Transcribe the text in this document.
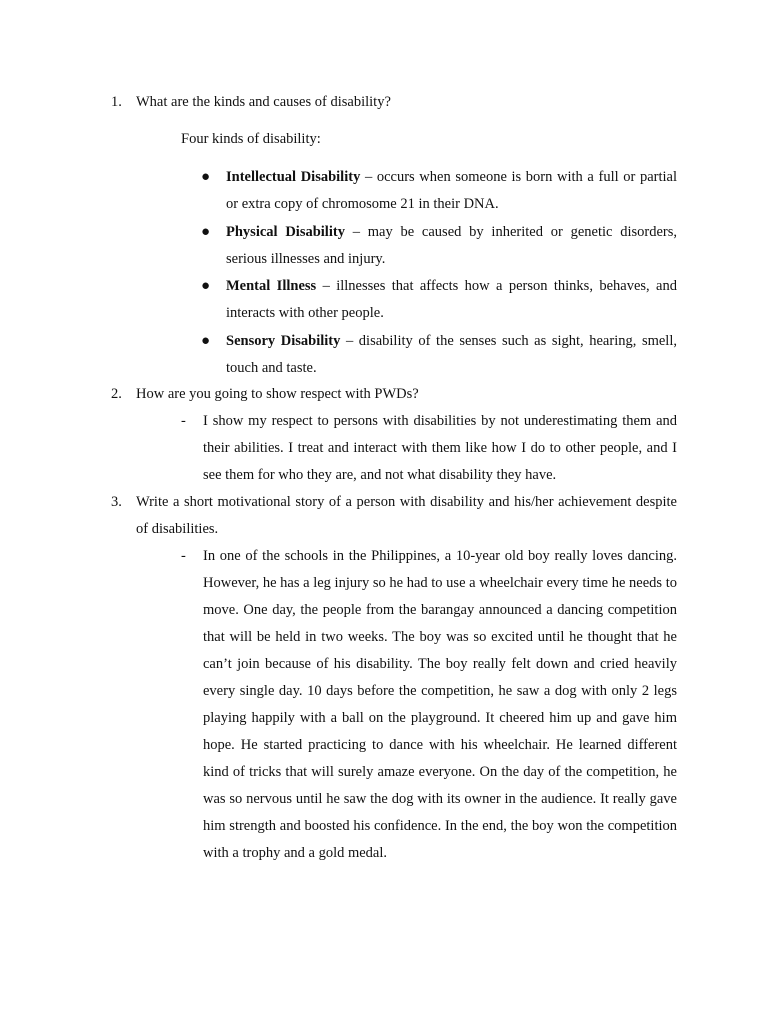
1. What are the kinds and causes of disability?
Four kinds of disability:
● Intellectual Disability – occurs when someone is born with a full or partial or extra copy of chromosome 21 in their DNA.
● Physical Disability – may be caused by inherited or genetic disorders, serious illnesses and injury.
● Mental Illness – illnesses that affects how a person thinks, behaves, and interacts with other people.
● Sensory Disability – disability of the senses such as sight, hearing, smell, touch and taste.
2. How are you going to show respect with PWDs?
- I show my respect to persons with disabilities by not underestimating them and their abilities. I treat and interact with them like how I do to other people, and I see them for who they are, and not what disability they have.
3. Write a short motivational story of a person with disability and his/her achievement despite of disabilities.
- In one of the schools in the Philippines, a 10-year old boy really loves dancing. However, he has a leg injury so he had to use a wheelchair every time he needs to move. One day, the people from the barangay announced a dancing competition that will be held in two weeks. The boy was so excited until he thought that he can’t join because of his disability. The boy really felt down and cried heavily every single day. 10 days before the competition, he saw a dog with only 2 legs playing happily with a ball on the playground. It cheered him up and gave him hope. He started practicing to dance with his wheelchair. He learned different kind of tricks that will surely amaze everyone. On the day of the competition, he was so nervous until he saw the dog with its owner in the audience. It really gave him strength and boosted his confidence. In the end, the boy won the competition with a trophy and a gold medal.
